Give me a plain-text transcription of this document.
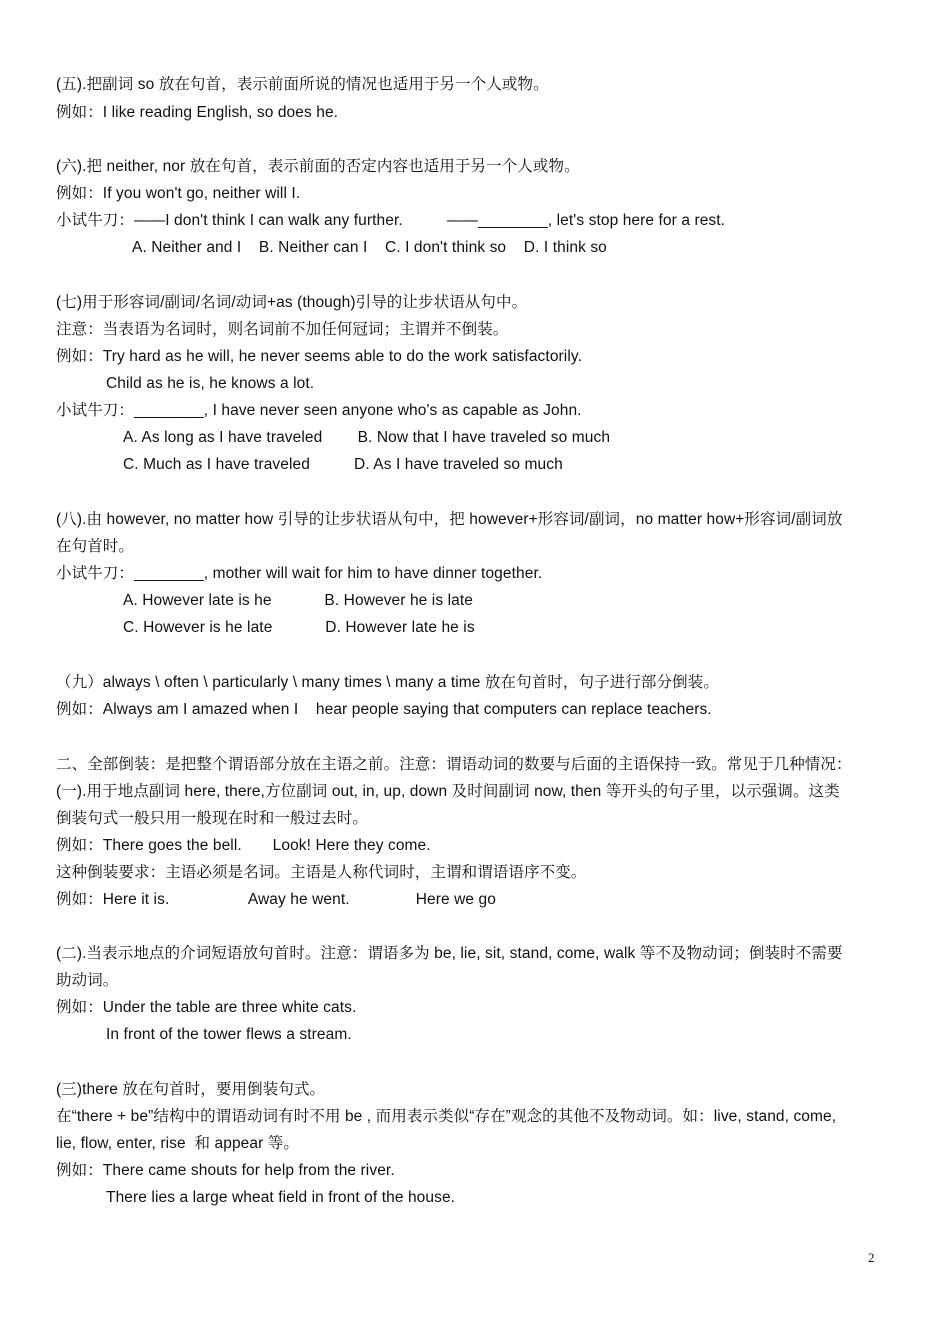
(五).把副词 so 放在句首，表示前面所说的情况也适用于另一个人或物。
例如：I like reading English, so does he.
(六).把 neither, nor 放在句首，表示前面的否定内容也适用于另一个人或物。
例如：If you won't go, neither will I.
小试牛刀：——I don't think I can walk any further.          ——________, let's stop here for a rest.
A. Neither and I    B. Neither can I    C. I don't think so    D. I think so
(七)用于形容词/副词/名词/动词+as (though)引导的让步状语从句中。
注意：当表语为名词时，则名词前不加任何冠词；主谓并不倒装。
例如：Try hard as he will, he never seems able to do the work satisfactorily.
Child as he is, he knows a lot.
小试牛刀：________, I have never seen anyone who's as capable as John.
A. As long as I have traveled        B. Now that I have traveled so much
C. Much as I have traveled          D. As I have traveled so much
(八).由 however, no matter how 引导的让步状语从句中，把 however+形容词/副词，no matter how+形容词/副词放
在句首时。
小试牛刀：________, mother will wait for him to have dinner together.
A. However late is he            B. However he is late
C. However is he late            D. However late he is
（九）always \ often \ particularly \ many times \ many a time 放在句首时，句子进行部分倒装。
例如：Always am I amazed when I    hear people saying that computers can replace teachers.
二、全部倒装：是把整个谓语部分放在主语之前。注意：谓语动词的数要与后面的主语保持一致。常见于几种情况：
(一).用于地点副词 here, there,方位副词 out, in, up, down 及时间副词 now, then 等开头的句子里，以示强调。这类
倒装句式一般只用一般现在时和一般过去时。
例如：There goes the bell.       Look! Here they come.
这种倒装要求：主语必须是名词。主语是人称代词时，主谓和谓语语序不变。
例如：Here it is.                  Away he went.               Here we go
(二).当表示地点的介词短语放句首时。注意：谓语多为 be, lie, sit, stand, come, walk 等不及物动词；倒装时不需要
助动词。
例如：Under the table are three white cats.
In front of the tower flews a stream.
(三)there 放在句首时，要用倒装句式。
在“there + be”结构中的谓语动词有时不用 be , 而用表示类似“存在”观念的其他不及物动词。如：live, stand, come,
lie, flow, enter, rise  和 appear 等。
例如：There came shouts for help from the river.
There lies a large wheat field in front of the house.
2
